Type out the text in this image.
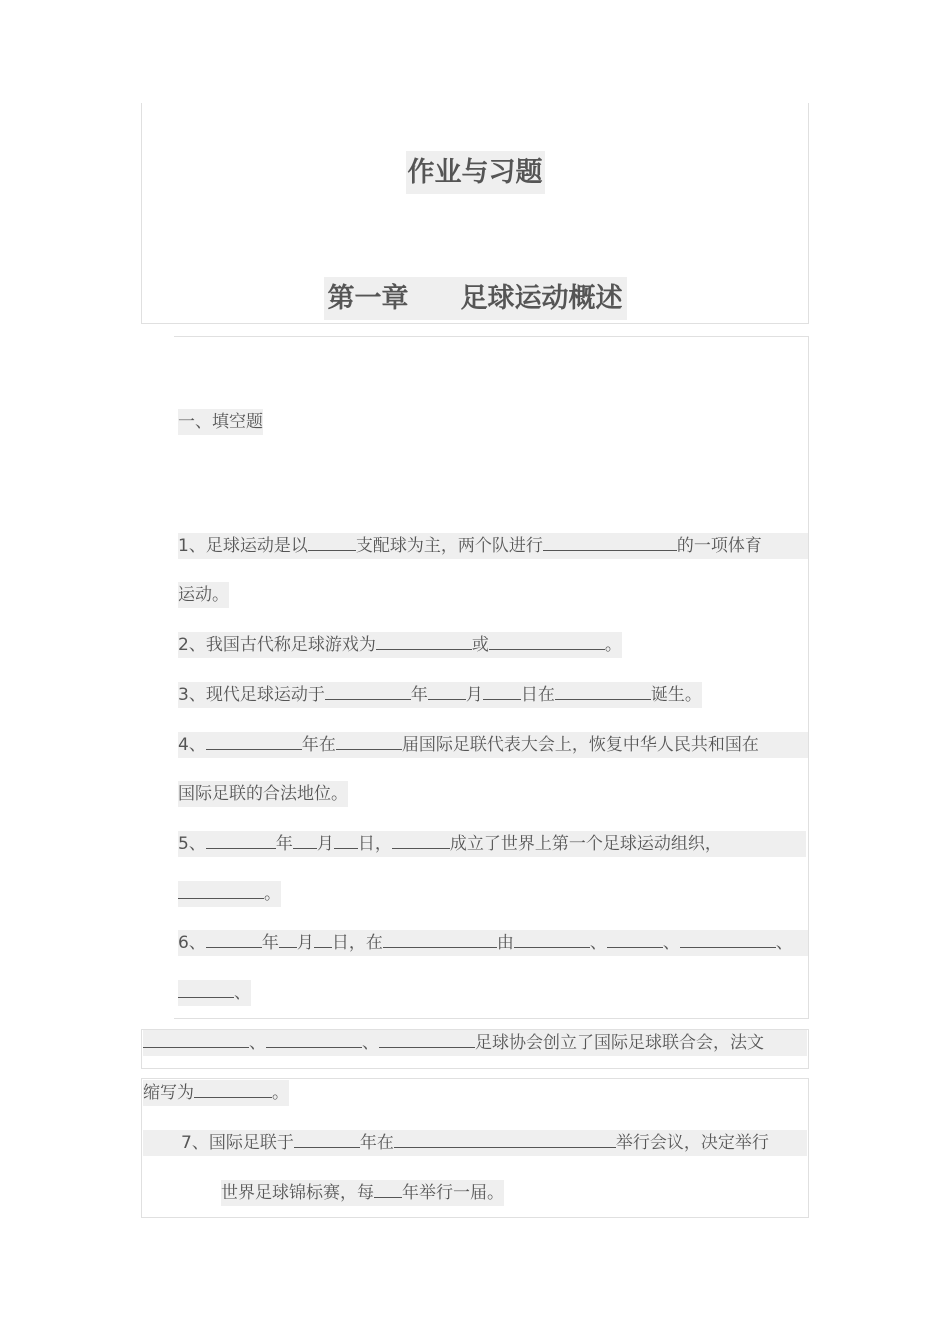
作业与习题
第一章 足球运动概述
一、填空题
1、足球运动是以	支配球为主，两个队进行	的一项体育
运动。
2、我国古代称足球游戏为	或	。
3、现代足球运动于	年 月 日在	诞生。
4、	年在	届国际足联代表大会上，恢复中华人民共和国在
国际足联的合法地位。
5、	年 月 日，	成立了世界上第一个足球运动组织，
。
6、	年 月 日，在	由	、	、	、
、
、	、	足球协会创立了国际足球联合会，法文
缩写为	。
7、国际足联于	年在	举行会议，决定举行
世界足球锦标赛，每 年举行一届。
